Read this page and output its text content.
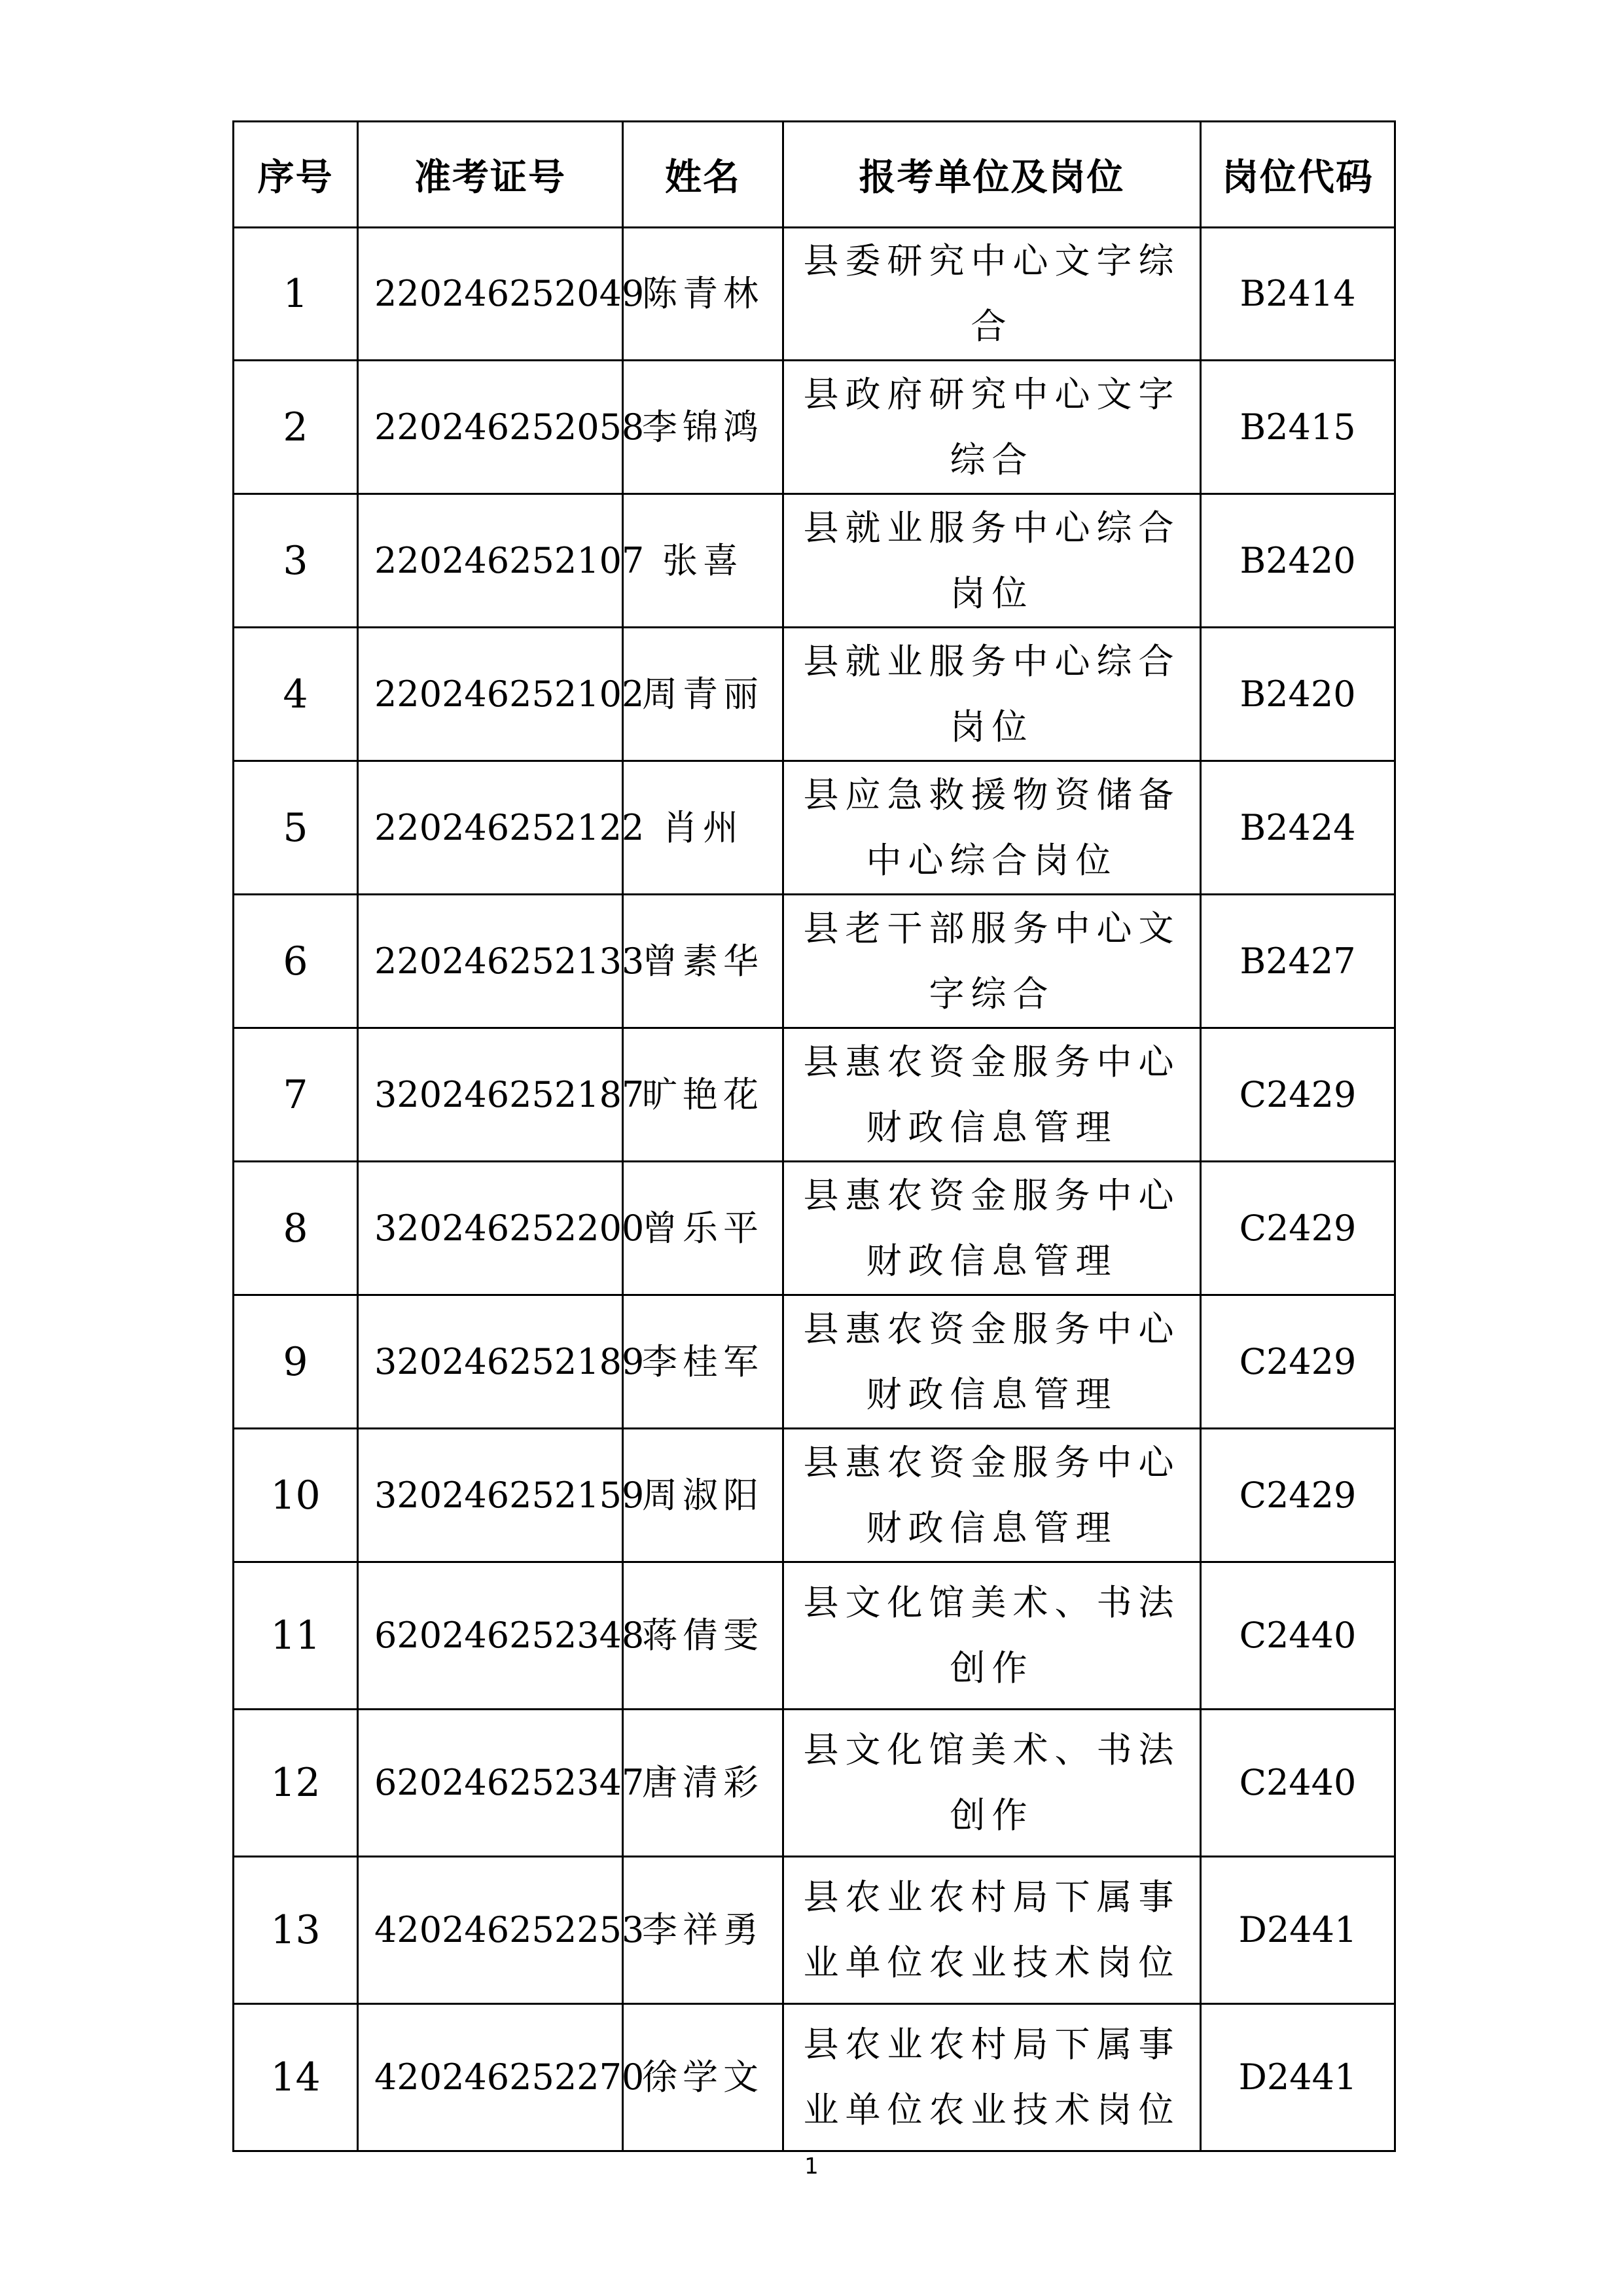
序号	准考证号	姓名	报考单位及岗位	岗位代码
1	220246252049	陈青林	县委研究中心文字综合	B2414
2	220246252058	李锦鸿	县政府研究中心文字综合	B2415
3	220246252107	张喜	县就业服务中心综合岗位	B2420
4	220246252102	周青丽	县就业服务中心综合岗位	B2420
5	220246252122	肖州	县应急救援物资储备中心综合岗位	B2424
6	220246252133	曾素华	县老干部服务中心文字综合	B2427
7	320246252187	旷艳花	县惠农资金服务中心财政信息管理	C2429
8	320246252200	曾乐平	县惠农资金服务中心财政信息管理	C2429
9	320246252189	李桂军	县惠农资金服务中心财政信息管理	C2429
10	320246252159	周淑阳	县惠农资金服务中心财政信息管理	C2429
11	620246252348	蒋倩雯	县文化馆美术、书法创作	C2440
12	620246252347	唐清彩	县文化馆美术、书法创作	C2440
13	420246252253	李祥勇	县农业农村局下属事业单位农业技术岗位	D2441
14	420246252270	徐学文	县农业农村局下属事业单位农业技术岗位	D2441
1
